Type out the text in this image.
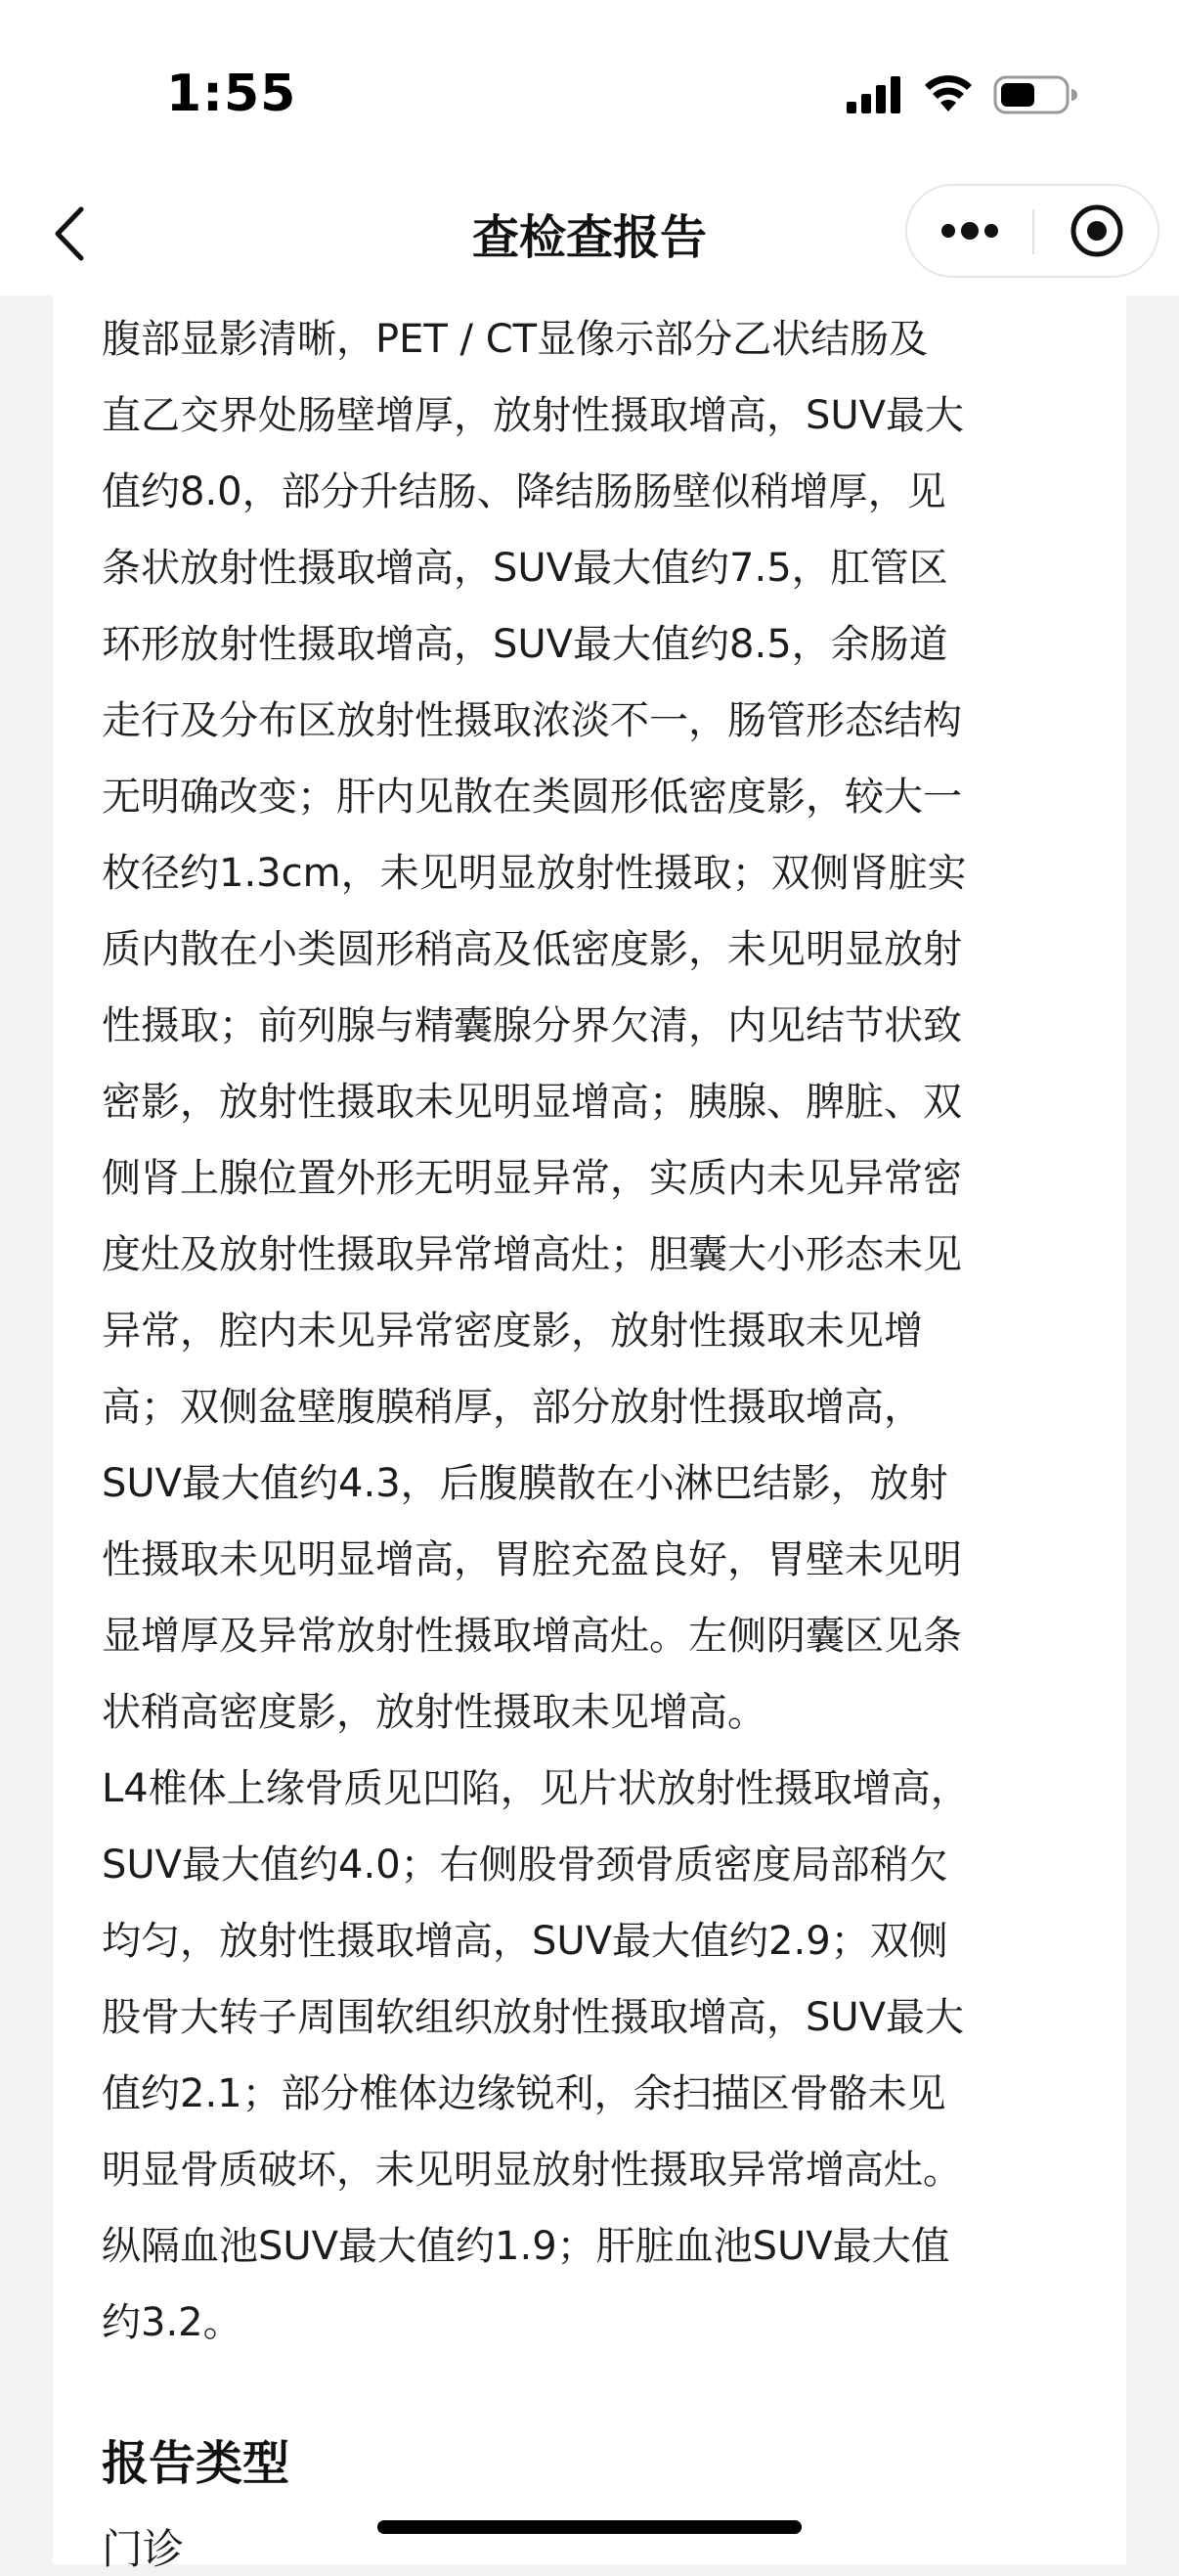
1:55
查检查报告
腹部显影清晰，PET / CT显像示部分乙状结肠及
直乙交界处肠壁增厚，放射性摄取增高，SUV最大
值约8.0，部分升结肠、降结肠肠壁似稍增厚，见
条状放射性摄取增高，SUV最大值约7.5，肛管区
环形放射性摄取增高，SUV最大值约8.5，余肠道
走行及分布区放射性摄取浓淡不一，肠管形态结构
无明确改变；肝内见散在类圆形低密度影，较大一
枚径约1.3cm，未见明显放射性摄取；双侧肾脏实
质内散在小类圆形稍高及低密度影，未见明显放射
性摄取；前列腺与精囊腺分界欠清，内见结节状致
密影，放射性摄取未见明显增高；胰腺、脾脏、双
侧肾上腺位置外形无明显异常，实质内未见异常密
度灶及放射性摄取异常增高灶；胆囊大小形态未见
异常，腔内未见异常密度影，放射性摄取未见增
高；双侧盆壁腹膜稍厚，部分放射性摄取增高，
SUV最大值约4.3，后腹膜散在小淋巴结影，放射
性摄取未见明显增高，胃腔充盈良好，胃壁未见明
显增厚及异常放射性摄取增高灶。左侧阴囊区见条
状稍高密度影，放射性摄取未见增高。
L4椎体上缘骨质见凹陷，见片状放射性摄取增高，
SUV最大值约4.0；右侧股骨颈骨质密度局部稍欠
均匀，放射性摄取增高，SUV最大值约2.9；双侧
股骨大转子周围软组织放射性摄取增高，SUV最大
值约2.1；部分椎体边缘锐利，余扫描区骨骼未见
明显骨质破坏，未见明显放射性摄取异常增高灶。
纵隔血池SUV最大值约1.9；肝脏血池SUV最大值
约3.2。
报告类型
门诊
